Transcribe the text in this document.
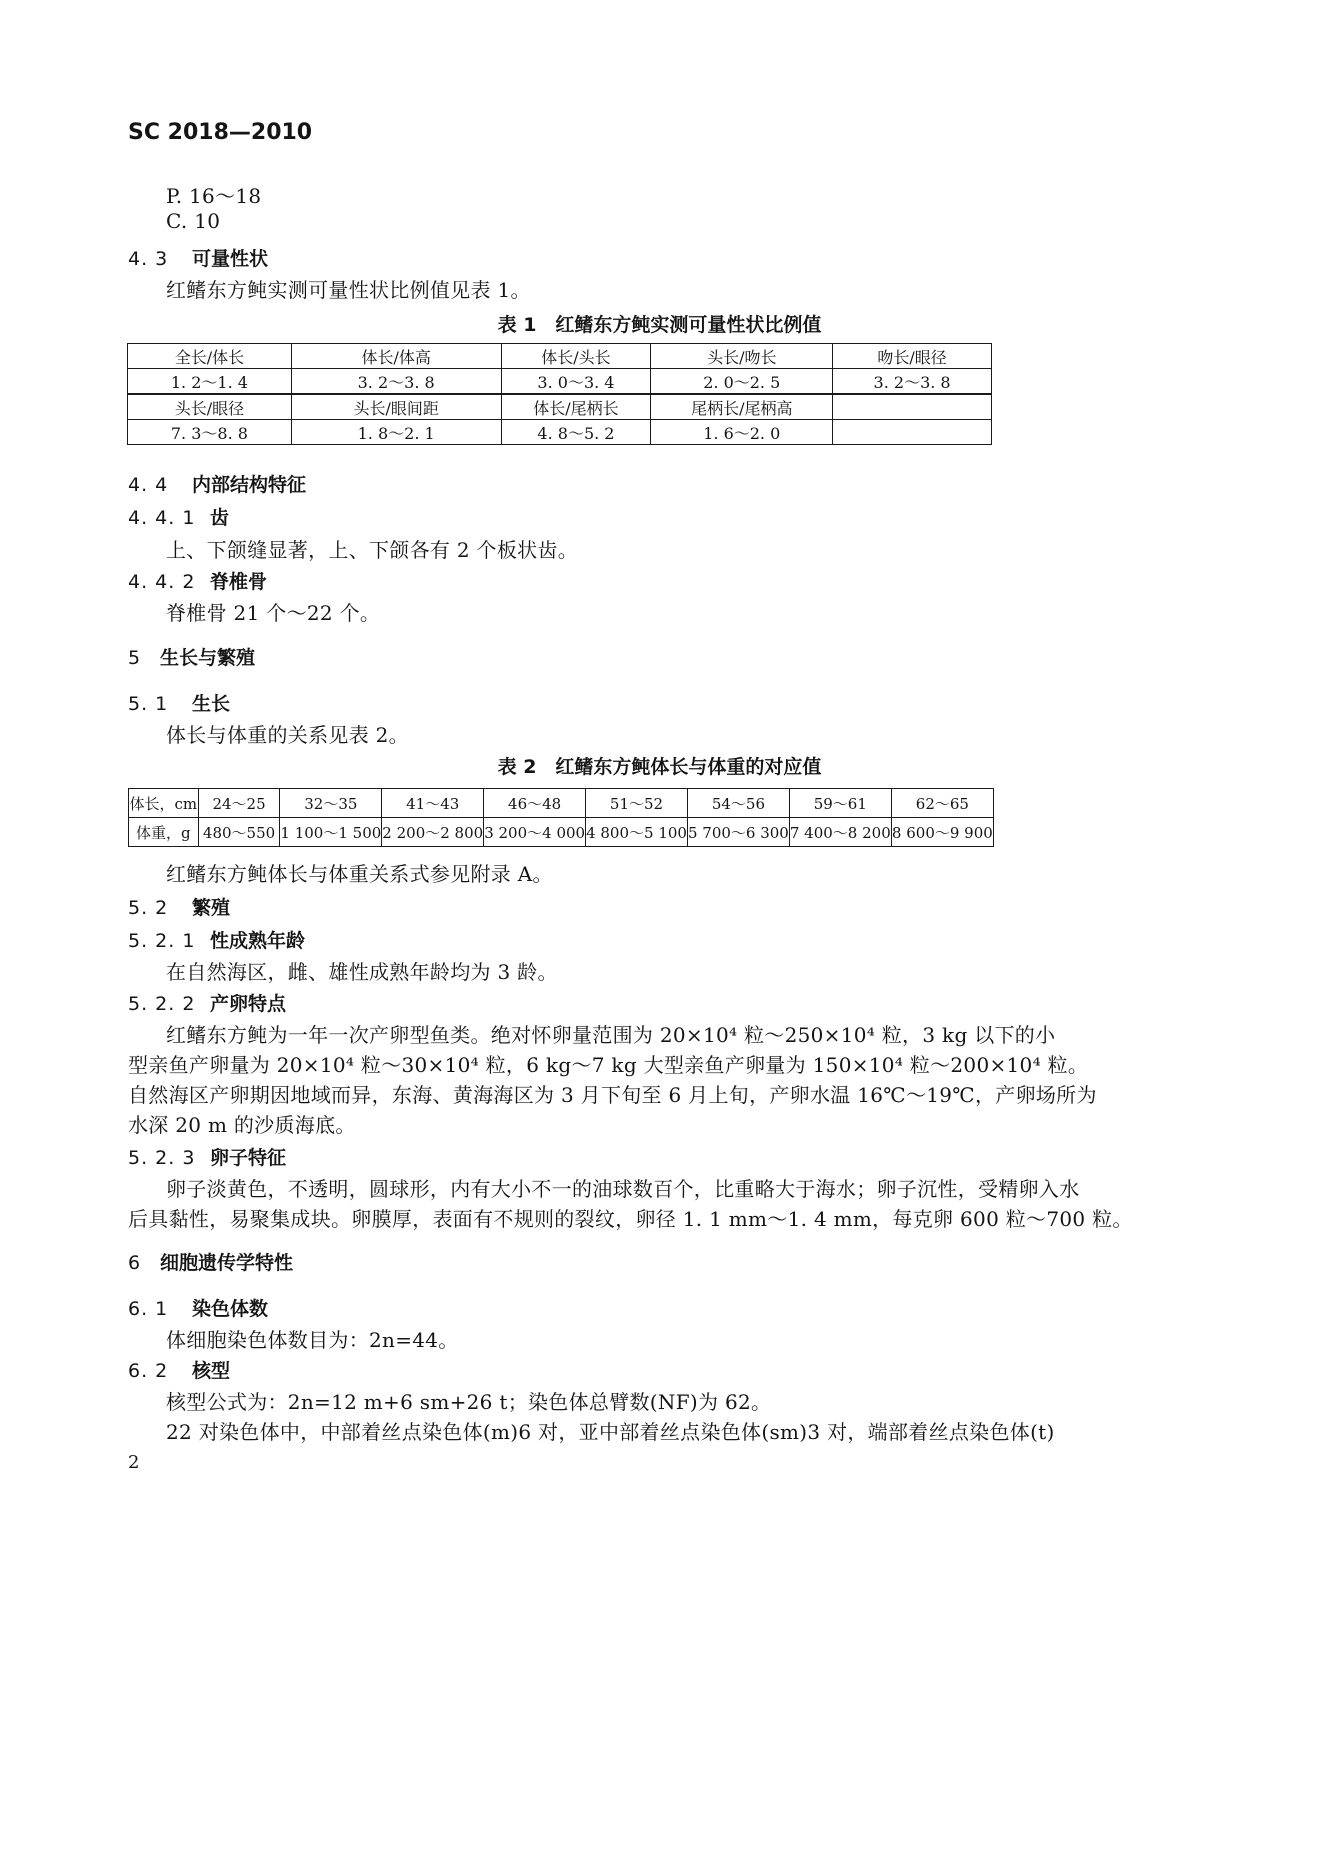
SC 2018—2010
P. 16～18
C. 10
4. 3 可量性状
红鳍东方鲀实测可量性状比例值见表 1。
表 1　红鳍东方鲀实测可量性状比例值
全长/体长	体长/体高	体长/头长	头长/吻长	吻长/眼径
1. 2～1. 4	3. 2～3. 8	3. 0～3. 4	2. 0～2. 5	3. 2～3. 8
头长/眼径	头长/眼间距	体长/尾柄长	尾柄长/尾柄高	
7. 3～8. 8	1. 8～2. 1	4. 8～5. 2	1. 6～2. 0	
4. 4 内部结构特征
4. 4. 1 齿
上、下颌缝显著，上、下颌各有 2 个板状齿。
4. 4. 2 脊椎骨
脊椎骨 21 个～22 个。
5 生长与繁殖
5. 1 生长
体长与体重的关系见表 2。
表 2　红鳍东方鲀体长与体重的对应值
体长，cm	24～25	32～35	41～43	46～48	51～52	54～56	59～61	62～65
体重，g	480～550	1 100～1 500	2 200～2 800	3 200～4 000	4 800～5 100	5 700～6 300	7 400～8 200	8 600～9 900
红鳍东方鲀体长与体重关系式参见附录 A。
5. 2 繁殖
5. 2. 1 性成熟年龄
在自然海区，雌、雄性成熟年龄均为 3 龄。
5. 2. 2 产卵特点
红鳍东方鲀为一年一次产卵型鱼类。绝对怀卵量范围为 20×10⁴ 粒～250×10⁴ 粒，3 kg 以下的小
型亲鱼产卵量为 20×10⁴ 粒～30×10⁴ 粒，6 kg～7 kg 大型亲鱼产卵量为 150×10⁴ 粒～200×10⁴ 粒。
自然海区产卵期因地域而异，东海、黄海海区为 3 月下旬至 6 月上旬，产卵水温 16℃～19℃，产卵场所为
水深 20 m 的沙质海底。
5. 2. 3 卵子特征
卵子淡黄色，不透明，圆球形，内有大小不一的油球数百个，比重略大于海水；卵子沉性，受精卵入水
后具黏性，易聚集成块。卵膜厚，表面有不规则的裂纹，卵径 1. 1 mm～1. 4 mm，每克卵 600 粒～700 粒。
6 细胞遗传学特性
6. 1 染色体数
体细胞染色体数目为：2n=44。
6. 2 核型
核型公式为：2n=12 m+6 sm+26 t；染色体总臂数(NF)为 62。
22 对染色体中，中部着丝点染色体(m)6 对，亚中部着丝点染色体(sm)3 对，端部着丝点染色体(t)
2
